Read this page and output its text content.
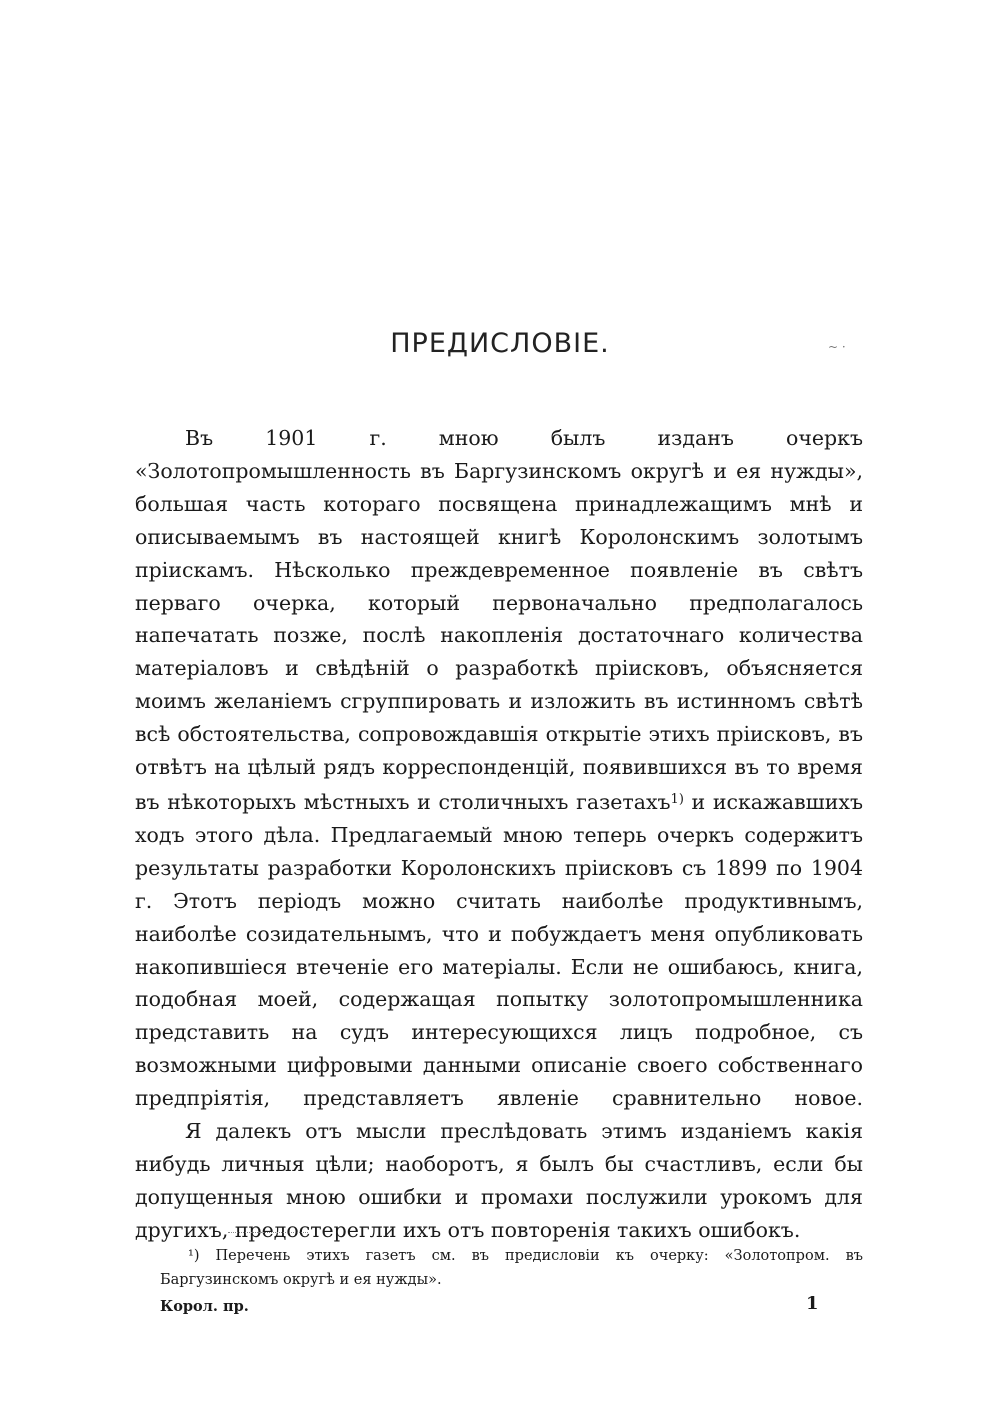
ПРЕДИСЛОВІЕ.	~ ·

Въ 1901 г. мною былъ изданъ очеркъ «Золотопромышленность въ Баргузинскомъ округѣ и ея нужды», большая часть котораго посвящена принадлежащимъ мнѣ и описываемымъ въ настоящей книгѣ Королонскимъ золотымъ пріискамъ. Нѣсколько преждевременное появленіе въ свѣтъ перваго очерка, который первоначально предполагалось напечатать позже, послѣ накопленія достаточнаго количества матеріаловъ и свѣдѣній о разработкѣ пріисковъ, объясняется моимъ желаніемъ сгруппировать и изложить въ истинномъ свѣтѣ всѣ обстоятельства, сопровождавшія открытіе этихъ пріисковъ, въ отвѣтъ на цѣлый рядъ корреспонденцій, появившихся въ то время въ нѣкоторыхъ мѣстныхъ и столичныхъ газетахъ$^{1)}$ и искажавшихъ ходъ этого дѣла. Предлагаемый мною теперь очеркъ содержитъ результаты разработки Королонскихъ пріисковъ съ 1899 по 1904 г. Этотъ періодъ можно считать наиболѣе продуктивнымъ, наиболѣе созидательнымъ, что и побуждаетъ меня опубликовать накопившіеся втеченіе его матеріалы. Если не ошибаюсь, книга, подобная моей, содержащая попытку золотопромышленника представить на судъ интересующихся лицъ подробное, съ возможными цифровыми данными описаніе своего собственнаго предпріятія, представляетъ явленіе сравнительно новое.

Я далекъ отъ мысли преслѣдовать этимъ изданіемъ какія нибудь личныя цѣли; наоборотъ, я былъ бы счастливъ, если бы допущенныя мною ошибки и промахи послужили урокомъ для другихъ, предостерегли ихъ отъ повторенія такихъ ошибокъ.

¹) Перечень этихъ газетъ см. въ предисловіи къ очерку: «Золотопром. въ Баргузинскомъ округѣ и ея нужды».
Корол. пр.	1
